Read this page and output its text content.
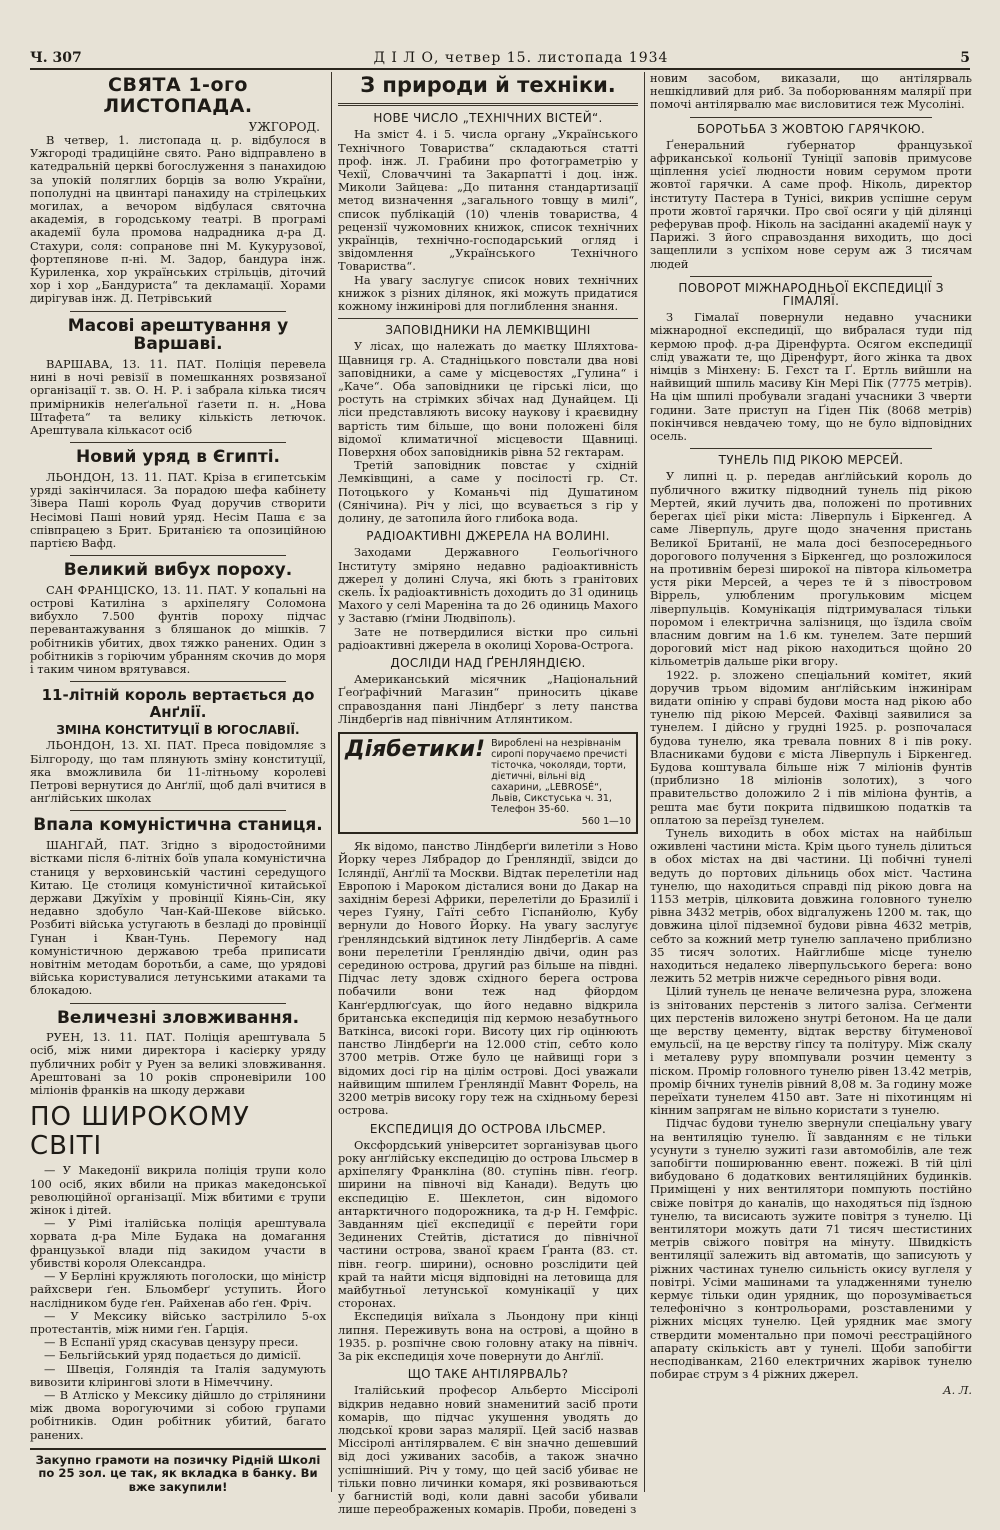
Ч. 307	Д І Л О, четвер 15. листопада 1934	5
СВЯТА 1-ого ЛИСТОПАДА.
УЖГОРОД.

В четвер, 1. листопада ц. р. відбулося в Ужгороді традиційне свято. Рано відправлено в катедральній церкві богослуження з панахидою за упокій поляглих борців за волю України, пополудні на цвинтарі панахиду на стрілецьких могилах, а вечором відбулася святочна академія, в городському театрі. В програмі академії була промова надрадника д-ра Д. Стахури, соля: сопранове пні М. Кукурузової, фортепянове п-ні. М. Задор, бандура інж. Куриленка, хор українських стрільців, діточий хор і хор „Бандуриста“ та декламації. Хорами дирігував інж. Д. Петрівський

Масові арештування у Варшаві.

ВАРШАВА, 13. 11. ПАТ. Поліція перевела нині в ночі ревізії в помешканнях розвязаної організації т. зв. О. Н. Р. і забрала кілька тисяч примірників нелеґальної ґазети п. н. „Нова Штафета“ та велику кількість летючок. Арештувала кількасот осіб

Новий уряд в Єгипті.

ЛЬОНДОН, 13. 11. ПАТ. Кріза в єгипетськім уряді закінчилася. За порадою шефа кабінету Зівера Паші король Фуад доручив створити Несімові Паші новий уряд. Несім Паша є за співпрацею з Брит. Британією та опозиційною партією Вафд.

Великий вибух пороху.

САН ФРАНЦІСКО, 13. 11. ПАТ. У копальні на острові Катиліна з архіпелягу Соломона вибухло 7.500 фунтів пороху підчас перевантажування з бляшанок до мішків. 7 робітників убитих, двох тяжко ранених. Один з робітників з горіючим убранням скочив до моря і таким чином врятувався.

11-літній король вертається до Анґлії.
ЗМІНА КОНСТИТУЦІЇ В ЮГОСЛАВІЇ.

ЛЬОНДОН, 13. ХІ. ПАТ. Преса повідомляє з Білгороду, що там плянують зміну конституції, яка вможливила би 11-літньому королеві Петрові вернутися до Анґлії, щоб далі вчитися в анґлійських школах

Впала комуністична станиця.

ШАНГАЙ, ПАТ. Згідно з віродостойними вістками після 6-літніх боїв упала комуністична станиця у верховинській частині середущого Китаю. Це столиця комуністичної китайської держави Джуїхім у провінції Кіянь-Сін, яку недавно здобуло Чан-Кай-Шекове військо. Розбиті війська устугають в безладі до провінції Гунан і Кван-Тунь. Перемогу над комуністичною державою треба приписати новітнім методам боротьби, а саме, що урядові війська користувалися летунськими атаками та блокадою.

Величезні зловживання.

РУЕН, 13. 11. ПАТ. Поліція арештувала 5 осіб, між ними директора і касієрку уряду публичних робіт у Руен за великі зловживання. Арештовані за 10 років спроневірили 100 міліонів франків на шкоду держави

ПО ШИРОКОМУ СВІТІ

— У Македонії викрила поліція трупи коло 100 осіб, яких вбили на приказ македонської революційної організації. Між вбитими є трупи жінок і дітей.

— У Рімі італійська поліція арештувала хорвата д-ра Міле Будака на домагання французької влади під закидом участи в убивстві короля Олександра.

— У Берліні кружляють поголоски, що міністр райхсвери ґен. Бльомберґ уступить. Його наслідником буде ґен. Райхенав або ґен. Фріч.

— У Мексику військо застрілило 5-ох протестантів, між ними ґен. Ґарція.

— В Еспанії уряд скасував цензуру преси.

— Бельгійський уряд подається до димісії.

— Швеція, Голяндія та Італія задумують вивозити клірингові злоти в Німеччину.

— В Атліско у Мексику дійшло до стрілянини між двома ворогуючими зі собою групами робітників. Один робітник убитий, багато ранених.

Закупно грамоти на позичку Рідній Школі по 25 зол. це так, як вкладка в банку. Ви вже закупили!
З природи й техніки.
НОВЕ ЧИСЛО „ТЕХНІЧНИХ ВІСТЕЙ“.

На зміст 4. і 5. числа органу „Українського Технічного Товариства“ складаються статті проф. інж. Л. Грабини про фотограметрію у Чехії, Словаччині та Закарпатті і доц. інж. Миколи Зайцева: „До питання стандартизації метод визначення „загального товщу в милі“, список публікацій (10) членів товариства, 4 рецензії чужомовних книжок, список технічних українців, технічно-господарський огляд і звідомлення „Українського Технічного Товариства“.

На увагу заслугує список нових технічних книжок з різних ділянок, які можуть придатися кожному інжинірові для поглиблення знання.

ЗАПОВІДНИКИ НА ЛЕМКІВЩИНІ

У лісах, що належать до маєтку Шляхтова-Щавниця гр. А. Стадніцького повстали два нові заповідники, а саме у місцевостях „Гулина“ і „Каче“. Оба заповідники це гірські ліси, що ростуть на стрімких збічах над Дунайцем. Ці ліси представляють високу наукову і краєвидну вартість тим більше, що вони положені біля відомої климатичної місцевости Щавниці. Поверхня обох заповідників рівна 52 гектарам.

Третій заповідник повстає у східній Лемківщині, а саме у посілості гр. Ст. Потоцького у Команьчі під Душатином (Сянічина). Річ у лісі, що всувається з гір у долину, де затопила його глибока вода.

РАДІОАКТИВНІ ДЖЕРЕЛА НА ВОЛИНІ.

Заходами Державного Геольоґічного Інституту зміряно недавно радіоактивність джерел у долині Случа, які бють з гранітових скель. Їх радіоактивність доходить до 31 одиниць Махого у селі Мареніна та до 26 одиниць Махого у Заставю (ґміни Людвіполь).

Зате не потвердилися вістки про сильні радіоактивні джерела в околиці Хорова-Острога.

ДОСЛІДИ НАД ҐРЕНЛЯНДІЄЮ.

Американський місячник „Національний Ґеоґрафічний Магазин“ приносить цікаве справоздання пані Ліндберґ з лету панства Ліндберґів над північним Атлянтиком.

Діябетики! Вироблені на незрівнанім сиропі поручаємо пречисті тісточка, чоколяди, торти, дієтичні, вільні від сахарини, „LEBROSÉ“, Львів, Сикстуська ч. 31, Телефон 35-60.
560 1—10

Як відомо, панство Ліндберґи вилетіли з Ново Йорку через Лябрадор до Ґренляндії, звідси до Ісляндії, Анґлії та Москви. Відтак перелетіли над Европою і Мароком дісталися вони до Дакар на західнім березі Африки, перелетіли до Бразилії і через Гуяну, Гаїті себто Гіспанйолю, Кубу вернули до Нового Йорку. На увагу заслугує ґренляндський відтинок лету Ліндберґів. А саме вони перелетіли Ґренляндію двічи, один раз серединою острова, другий раз більше на півдні. Підчас лету здовж східного берега острова побачили вони теж над фйордом Канґердлюґсуак, що його недавно відкрила британська експедиція під кермою незабутнього Ваткінса, високі гори. Висоту цих гір оцінюють панство Ліндберґи на 12.000 стіп, себто коло 3700 метрів. Отже було це найвищі гори з відомих досі гір на цілім острові. Досі уважали найвищим шпилем Ґренляндії Мавнт Форель, на 3200 метрів високу гору теж на східньому березі острова.

ЕКСПЕДИЦІЯ ДО ОСТРОВА ІЛЬСМЕР.

Оксфордський університет зорганізував цього року анґлійську експедицію до острова Ільсмер в архіпелягу Франкліна (80. ступінь півн. ґеогр. ширини на півночі від Канади). Ведуть цю експедицію Е. Шеклетон, син відомого антарктичного подорожника, та д-р Н. Гемфріс. Завданням цієї експедиції є перейти гори Зединених Стейтів, дістатися до північної частини острова, званої краєм Ґранта (83. ст. півн. геогр. ширини), основно розслідити цей край та найти місця відповідні на летовища для майбутньої летунської комунікації у цих сторонах.

Експедиція виїхала з Льондону при кінці липня. Переживуть вона на острові, а щойно в 1935. р. розпічне свою головну атаку на північ. За рік експедиція хоче повернути до Анґлії.

ЩО ТАКЕ АНТІЛЯРВАЛЬ?

Італійський професор Альберто Міссіролі відкрив недавно новий знаменитий засіб проти комарів, що підчас укушення уводять до людської крови зараз малярії. Цей засіб назвав Міссіролі антілярвалем. Є він значно дешевший від досі уживаних засобів, а також значно успішніший. Річ у тому, що цей засіб убиває не тільки повно личинки комаря, які розвиваються у багнистій воді, коли давні засоби убивали лише переображеных комарів. Проби, поведені з

новим засобом, виказали, що антілярваль нешкідливий для риб. За поборюванням малярії при помочі антілярвалю має висловитися теж Мусоліні.

БОРОТЬБА З ЖОВТОЮ ГАРЯЧКОЮ.

Ґенеральний ґубернатор французької африканської кольонії Туніції заповів примусове щіплення усієї людности новим серумом проти жовтої гарячки. А саме проф. Ніколь, директор інституту Пастера в Тунісі, викрив успішне серум проти жовтої гарячки. Про свої осяги у цій ділянці реферував проф. Ніколь на засіданні академії наук у Парижі. З його справоздання виходить, що досі защеплили з успіхом нове серум аж 3 тисячам людей

ПОВОРОТ МІЖНАРОДНЬОЇ ЕКСПЕДИЦІЇ З ГІМАЛЯЇ.

З Гімалаї повернули недавно учасники міжнародної експедиції, що вибралася туди під кермою проф. д-ра Діренфурта. Осягом експедиції слід уважати те, що Діренфурт, його жінка та двох німців з Мінхену: Б. Гехст та Ґ. Ертль вийшли на найвищий шпиль масиву Кін Мері Пік (7775 метрів). На цім шпилі пробували згадані учасники 3 чверти години. Зате приступ на Ґіден Пік (8068 метрів) покінчився невдачею тому, що не було відповідних осель.

ТУНЕЛЬ ПІД РІКОЮ МЕРСЕЙ.

У липні ц. р. передав анґлійський король до публичного вжитку підводний тунель під рікою Мертей, який лучить два, положені по противних берегах цієї ріки міста: Ліверпуль і Біркенгед. А саме Ліверпуль, друге щодо значення пристань Великої Британії, не мала досі безпосереднього дорогового получення з Біркенгед, що розложилося на противнім березі широкої на півтора кільометра устя ріки Мерсей, а через те й з півостровом Віррель, улюбленим прогульковим місцем ліверпульців. Комунікація підтримувалася тільки поромом і електрична залізниця, що їздила своїм власним довгим на 1.6 км. тунелем. Зате перший дороговий міст над рікою находиться щойно 20 кільометрів дальше ріки вгору.

1922. р. зложено спеціальний комітет, який доручив трьом відомим анґлійським інжинірам видати опінію у справі будови моста над рікою або тунелю під рікою Мерсей. Фахівці заявилися за тунелем. І дійсно у грудні 1925. р. розпочалася будова тунелю, яка тревала повних 8 і пів року. Власниками будови є міста Ліверпуль і Біркенгед. Будова коштувала більше ніж 7 міліонів фунтів (приблизно 18 міліонів золотих), з чого правительство доложило 2 і пів міліона фунтів, а решта має бути покрита підвишкою податків та оплатою за переїзд тунелем.

Тунель виходить в обох містах на найбільш оживлені частини міста. Крім цього тунель ділиться в обох містах на дві частини. Ці побічні тунелі ведуть до портових дільниць обох міст. Частина тунелю, що находиться справді під рікою довга на 1153 метрів, цілковита довжина головного тунелю рівна 3432 метрів, обох відгалужень 1200 м. так, що довжина цілої підземної будови рівна 4632 метрів, себто за кожний метр тунелю заплачено приблизно 35 тисяч золотих. Найглибше місце тунелю находиться недалеко ліверпульського берега: воно лежить 52 метрів нижче середнього рівня води.

Цілий тунель це неначе величезна рура, зложена із знітованих перстенів з литого заліза. Сеґменти цих перстенів виложено знутрі бетоном. На це дали ще верству цементу, відтак верству бітуменової емульсії, на це верству ґіпсу та політуру. Між скалу і металеву руру впомпували розчин цементу з піском. Промір головного тунелю рівен 13.42 метрів, промір бічних тунелів рівний 8,08 м. За годину може переїхати тунелем 4150 авт. Зате ні піхотинцям ні кінним запрягам не вільно користати з тунелю.

Підчас будови тунелю звернули спеціальну увагу на вентиляцію тунелю. Її завданням є не тільки усунути з тунелю зужиті гази автомобілів, але теж запобігти поширюванню евент. пожежі. В тій цілі вибудовано 6 додаткових вентиляційних будинків. Приміщені у них вентилятори помпують постійно свіже повітря до каналів, що находяться під їздною тунелю, та висисають зужите повітря з тунелю. Ці вентилятори можуть дати 71 тисяч шестистиних метрів свіжого повітря на мінуту. Швидкість вентиляції залежить від автоматів, що записують у ріжних частинах тунелю сильність окису вуглеля у повітрі. Усіми машинами та уладженнями тунелю кермує тільки один урядник, що порозумівається телефонічно з контрольорами, розставленими у ріжних місцях тунелю. Цей урядник має змогу ствердити моментально при помочі реєстраційного апарату скількість авт у тунелі. Щоби запобігти несподіванкам, 2160 електричних жарівок тунелю побирає струм з 4 ріжних джерел.

А. Л.
